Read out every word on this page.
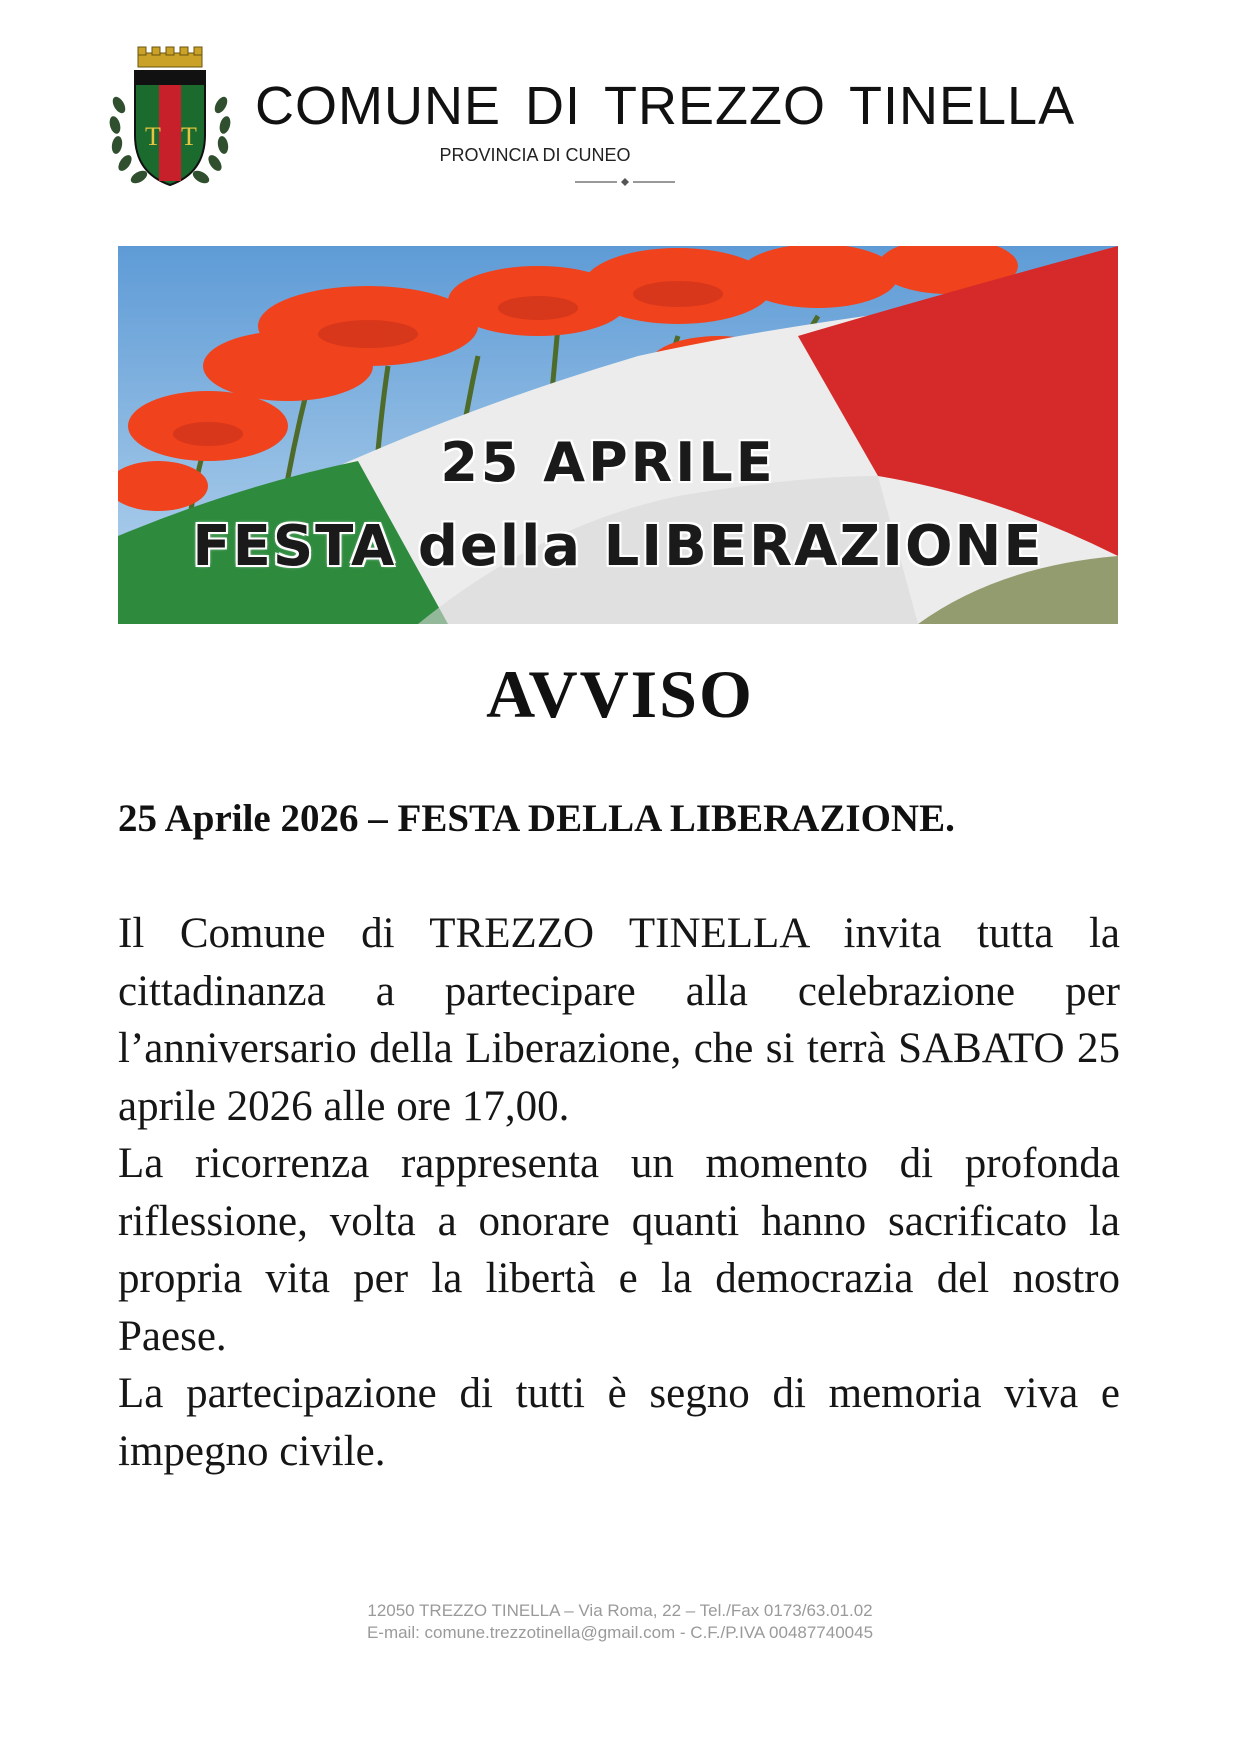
T T
COMUNE DI TREZZO TINELLA
PROVINCIA DI CUNEO
25 APRILE
FESTA della LIBERAZIONE
AVVISO
25 Aprile 2026 – FESTA DELLA LIBERAZIONE.

Il Comune di TREZZO TINELLA invita tutta la cittadinanza a partecipare alla celebrazione per l’anniversario della Liberazione, che si terrà SABATO 25 aprile 2026 alle ore 17,00.

La ricorrenza rappresenta un momento di profonda riflessione, volta a onorare quanti hanno sacrificato la propria vita per la libertà e la democrazia del nostro Paese.

La partecipazione di tutti è segno di memoria viva e impegno civile.

12050 TREZZO TINELLA – Via Roma, 22 – Tel./Fax 0173/63.01.02
E-mail: comune.trezzotinella@gmail.com - C.F./P.IVA 00487740045
